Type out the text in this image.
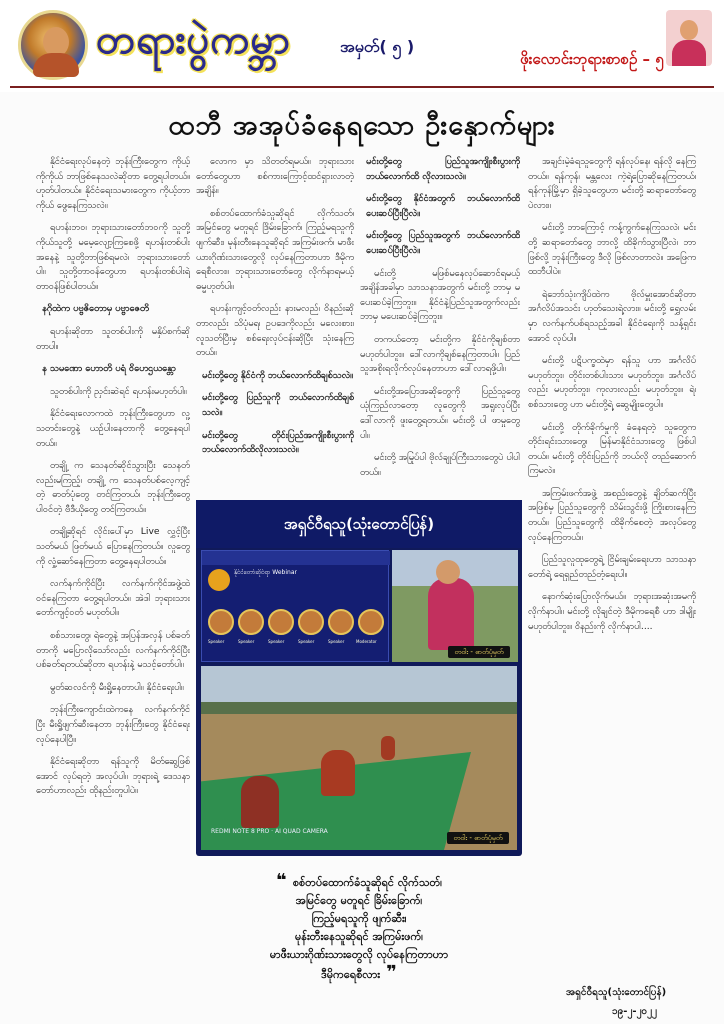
တရားပွဲကမ္ဘာ	အမှတ်( ၅ )
ဖိုးလောင်းဘုရားစာစဉ် – ၅
ထဘီ အအုပ်ခံနေရသော ဦးနှောက်များ

နိုင်ငံရေးလုပ်နေတဲ့ ဘုန်းကြီးတွေက ကိုယ့်ကိုကိုယ် ဘာဖြစ်နေသလဲဆိုတာ တွေ့ရပါတယ်။ ဟုတ်ပါတယ်။ နိုင်ငံရေးသမားတွေက ကိုယ့်ဘာကိုယ် ဖွေနေကြသလဲ။

ရဟန်းဘဝ၊ ဘုရားသားတော်ဘဝကို သူတို့ကိုယ်သူတို့ မမေ့လျော့ကြစေဖို့ ရဟန်းတစ်ပါးအနေနဲ့ သူတို့ဘာဖြစ်ရမလဲ၊ ဘုရားသားတော်ပါ။ သူတို့တာဝန်တွေဟာ ရဟန်းတစ်ပါးရဲ့ တာဝန်ဖြစ်ပါတယ်။

နဂိုထဲက ပဗ္ဗဇိတောမှ ပဗ္ဗာဇေတိ

ရဟန်းဆိုတာ သူတစ်ပါးကို မနှိပ်စက်ဆိုတာပါ။

န သမဏော ဟောတိ ပရံ ဝိဟေဌယန္တော

သူတစ်ပါးကို ညှင်းဆဲရင် ရဟန်းမဟုတ်ပါ။

နိုင်ငံရေးလောကထဲ ဘုန်းကြီးတွေဟာ လူ့သတင်းတွေနဲ့ ယဉ်ပါးနေတာကို တွေ့နေရပါတယ်။

တချို့ က သေနတ်ဆိုင်သွားပြီး သေနတ်လည်းမကြည့်၊ တချို့ က သေနတ်ပစ်လေ့ကျင့်တဲ့ ဓာတ်ပုံတွေ တင်ကြတယ်၊ ဘုန်းကြီးတွေ ပါဝင်တဲ့ ဗီဒီယိုတွေ တင်ကြတယ်။

တချို့ဆိုရင် လိုင်းပေါ်မှာ Live လွှင့်ပြီး သတ်မယ် ဖြတ်မယ် ပြောနေကြတယ်။ လူတွေကို လှုံ့ဆော်နေကြတာ တွေ့နေရပါတယ်။

လက်နက်ကိုင်ပြီး လက်နက်ကိုင်အဖွဲ့ထဲ ဝင်နေကြတာ တွေ့ရပါတယ်။ အဲဒါ ဘုရားသားတော်ကျင့်ဝတ် မဟုတ်ပါ။

စစ်သားတွေ၊ ရဲတွေနဲ့ အပြန်အလှန် ပစ်ခတ်တာကို မပြောလိုသော်လည်း လက်နက်ကိုင်ပြီး ပစ်ခတ်ရတယ်ဆိုတာ ရဟန်းနဲ့ မသင့်တော်ပါ။

မွတ်ဆလင်ကို မီးရှို့နေတာပါ။ နိုင်ငံရေးပါ။

ဘုန်းကြီးကျောင်းထဲကနေ လက်နက်ကိုင်ပြီး မီးရှို့ဖျက်ဆီးနေတာ ဘုန်းကြီးတွေ နိုင်ငံရေးလုပ်နေပါပြီ။

နိုင်ငံရေးဆိုတာ ရန်သူကို မိတ်ဆွေဖြစ်အောင် လုပ်ရတဲ့ အလုပ်ပါ။ ဘုရားရဲ့ ဒေသနာတော်ဟာလည်း ထိုနည်းတူပါပဲ။

လောက မှာ သိတတ်ရမယ်။ ဘုရားသားတော်တွေဟာ စစ်ကားကြောင့်ထင်ရှားလာတဲ့အချိန်။

စစ်တပ်ထောက်ခံသူဆိုရင် လိုက်သတ်၊ အမြင်တွေ မတူရင် ဒြိမ်းခြောက်၊ ကြည့်မရသူကို ဖျက်ဆီး၊ မုန်းတီးနေသူဆိုရင် အကြမ်းဖက်၊ မာဖီးယားဂိုဏ်းသားတွေလို လုပ်နေကြတာဟာ ဒီမိုကရေစီလား။ ဘုရားသားတော်တွေ လိုက်နာရမယ့် ဓမ္မဟုတ်ပါ။

ရဟန်းကျင့်ဝတ်လည်း နားမလည်၊ ဝိနည်းဆိုတာလည်း သိပုံမရ၊ ဥပဒေကိုလည်း မလေးစား၊ လူသတ်ပြီးမှ စစ်ရေးလုပ်ငန်းဆိုပြီး သုံးနေကြတယ်။

မင်းတို့တွေ နိုင်ငံကို ဘယ်လောက်ထိချစ်သလဲ။

မင်းတို့တွေ ပြည်သူကို ဘယ်လောက်ထိချစ်သလဲ။

မင်းတို့တွေ တိုင်းပြည်အကျိုးစီးပွားကို ဘယ်လောက်ထိလိုလားသလဲ။

မင်းတို့တွေ ပြည်သူအကျိုးစီးပွားကို ဘယ်လောက်ထိ လိုလားသလဲ။

မင်းတို့တွေ နိုင်ငံအတွက် ဘယ်လောက်ထိ ပေးဆပ်ပြီးပြီလဲ။

မင်းတို့တွေ ပြည်သူအတွက် ဘယ်လောက်ထိ ပေးဆပ်ပြီးပြီလဲ။

မင်းတို့ မဖြစ်မနေလုပ်ဆောင်ရမယ့် အချိန်အခါမှာ သာသနာအတွက် မင်းတို့ ဘာမှ မပေးဆပ်ခဲ့ကြဘူး။ နိုင်ငံနဲ့ပြည်သူအတွက်လည်း ဘာမှ မပေးဆပ်ခဲ့ကြဘူး။

တကယ်တော့ မင်းတို့က နိုင်ငံကိုချစ်တာ မဟုတ်ပါဘူး။ ဒေါ်လာကိုချစ်နေကြတာပါ။ ပြည်သူအစိုးရလိုက်လုပ်နေတာဟာ ဒေါ်လာရဖို့ပါ။

မင်းတို့အပြောအဆိုတွေကို ပြည်သူတွေ ယုံကြည်လာတော့ လူတွေကို အရူးလုပ်ပြီး ဒေါ်လာကို ဖူးတွေ့ရတယ်။ မင်းတို့ ပါ ဖာမှုတွေ ပါ။

မင်းတို့ အမြုပ်ပါ ဗိုလ်ချုပ်ကြီးသားတွေပဲ ပါပါတယ်။

အချင်းမဲ့ခံရသူတွေကို ရန်လုပ်နေ၊ ရန်လို နေကြတယ်။ ရန်ကုန်၊ မန္တလေး ကဲ့ရဲ့ပြောဆိုနေကြတယ်၊ ရန်ကုန်မြို့မှာ ရှိခဲ့သူတွေဟာ မင်းတို့ ဆရာတော်တွေပဲလား။

မင်းတို့ ဘာကြောင့် ကန့်ကွက်နေကြသလဲ၊ မင်းတို့ ဆရာတော်တွေ ဘာလို့ ထိခိုက်သွားပြီလဲ၊ ဘာဖြစ်လို့ ဘုန်းကြီးတွေ ဒီလို ဖြစ်လာတာလဲ။ အဖြေက ထဘီပါပဲ။

ရဲဘော်သုံးကျိပ်ထဲက ဗိုလ်မှူးအောင်ဆိုတာ အင်္ဂလိပ်အသင်း ဟုတ်သေးရဲ့လား။ မင်းတို့ ရွှေလမ်းမှာ လက်နက်ပစ်ရသည့်အခါ နိုင်ငံရေးကို သန့်ရှင်းအောင် လုပ်ပါ။

မင်းတို့ ပဋိပက္ခထဲမှာ ရန်သူ ဟာ အင်္ဂလိပ်မဟုတ်ဘူး၊ တိုင်းတစ်ပါးသား မဟုတ်ဘူး၊ အင်္ဂလိပ်လည်း မဟုတ်ဘူး၊ ကုလားလည်း မဟုတ်ဘူး။ ရဲ၊ စစ်သားတွေ ဟာ မင်းတို့ရဲ့ ဆွေမျိုးတွေပါ။

မင်းတို့ တိုက်ခိုက်မှုကို ခံနေရတဲ့ သူတွေက တိုင်းရင်းသားတွေ၊ မြန်မာနိုင်ငံသားတွေ ဖြစ်ပါတယ်။ မင်းတို့ တိုင်းပြည်ကို ဘယ်လို တည်ဆောက်ကြမလဲ။

အကြမ်းဖက်အဖွဲ့ အစည်းတွေနဲ့ ချိတ်ဆက်ပြီး အဖြစ်မှ ပြည်သူတွေကို သိမ်းသွင်းဖို့ ကြိုးစားနေကြတယ်။ ပြည်သူတွေကို ထိခိုက်စေတဲ့ အလုပ်တွေ လုပ်နေကြတယ်။

ပြည်သူလူထုတွေရဲ့ ငြိမ်းချမ်းရေးဟာ သာသနာတော်ရဲ့ ရေရှည်တည်တံ့ရေးပါ။

နောက်ဆုံးပြောလိုက်မယ်။ ဘုရားအဆုံးအမကို လိုက်နာပါ။ မင်းတို့ လိုချင်တဲ့ ဒီမိုကရေစီ ဟာ ဒါမျိုး မဟုတ်ပါဘူး။ ဝိနည်းကို လိုက်နာပါ....

အရှင်ဝီရသူ(သုံးတောင်ပြန်)
နိုင်ငံတော်ဆိုင်ရာ Webinar
Speaker	Speaker	Speaker	Speaker	Speaker	Moderator
တ၀ါး - ဓာတ်ပုံမှတ်
REDMI NOTE 8 PRO · AI QUAD CAMERA
တ၀ါး - ဓာတ်ပုံမှတ်
❝ စစ်တပ်ထောက်ခံသူဆိုရင် လိုက်သတ်၊
အမြင်တွေ မတူရင် ခြိမ်းခြောက်၊
ကြည့်မရသူကို ဖျက်ဆီး၊
မုန်းတီးနေသူဆိုရင် အကြမ်းဖက်၊
မာဖီးယားဂိုဏ်းသားတွေလို လုပ်နေကြတာဟာ
ဒီမိုကရေစီလား ❞
အရှင်ဝီရသူ(သုံးတောင်ပြန်)
၁၉-၂-၂၀၂၂
